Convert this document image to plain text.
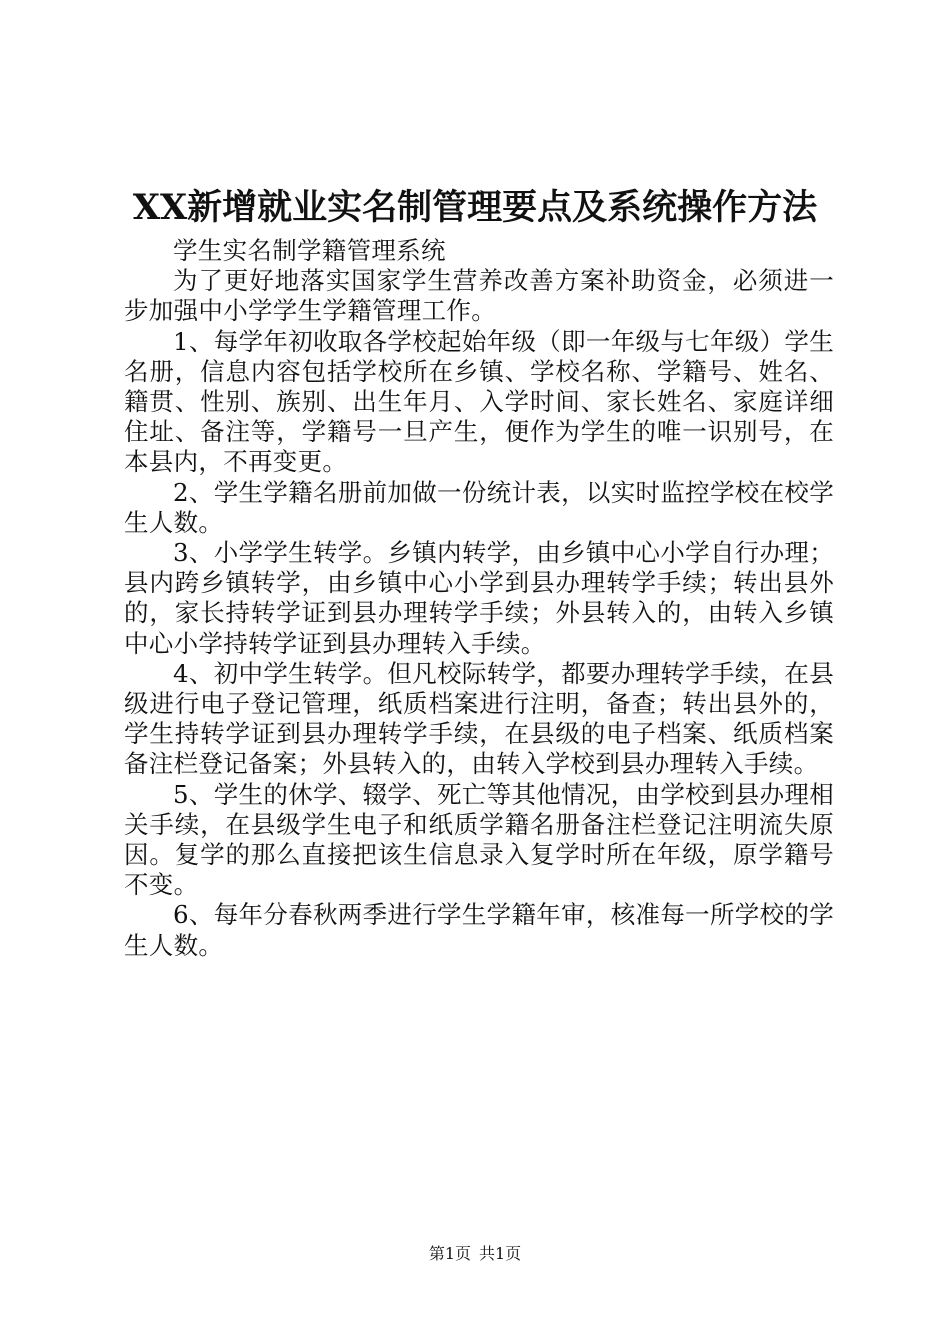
XX新增就业实名制管理要点及系统操作方法

学生实名制学籍管理系统

为了更好地落实国家学生营养改善方案补助资金，必须进一步加强中小学学生学籍管理工作。

1、每学年初收取各学校起始年级（即一年级与七年级）学生名册，信息内容包括学校所在乡镇、学校名称、学籍号、姓名、籍贯、性别、族别、出生年月、入学时间、家长姓名、家庭详细住址、备注等，学籍号一旦产生，便作为学生的唯一识别号，在本县内，不再变更。

2、学生学籍名册前加做一份统计表，以实时监控学校在校学生人数。

3、小学学生转学。乡镇内转学，由乡镇中心小学自行办理；县内跨乡镇转学，由乡镇中心小学到县办理转学手续；转出县外的，家长持转学证到县办理转学手续；外县转入的，由转入乡镇中心小学持转学证到县办理转入手续。

4、初中学生转学。但凡校际转学，都要办理转学手续，在县级进行电子登记管理，纸质档案进行注明，备查；转出县外的，学生持转学证到县办理转学手续，在县级的电子档案、纸质档案备注栏登记备案；外县转入的，由转入学校到县办理转入手续。

5、学生的休学、辍学、死亡等其他情况，由学校到县办理相关手续，在县级学生电子和纸质学籍名册备注栏登记注明流失原因。复学的那么直接把该生信息录入复学时所在年级，原学籍号不变。

6、每年分春秋两季进行学生学籍年审，核准每一所学校的学生人数。

第1页 共1页
